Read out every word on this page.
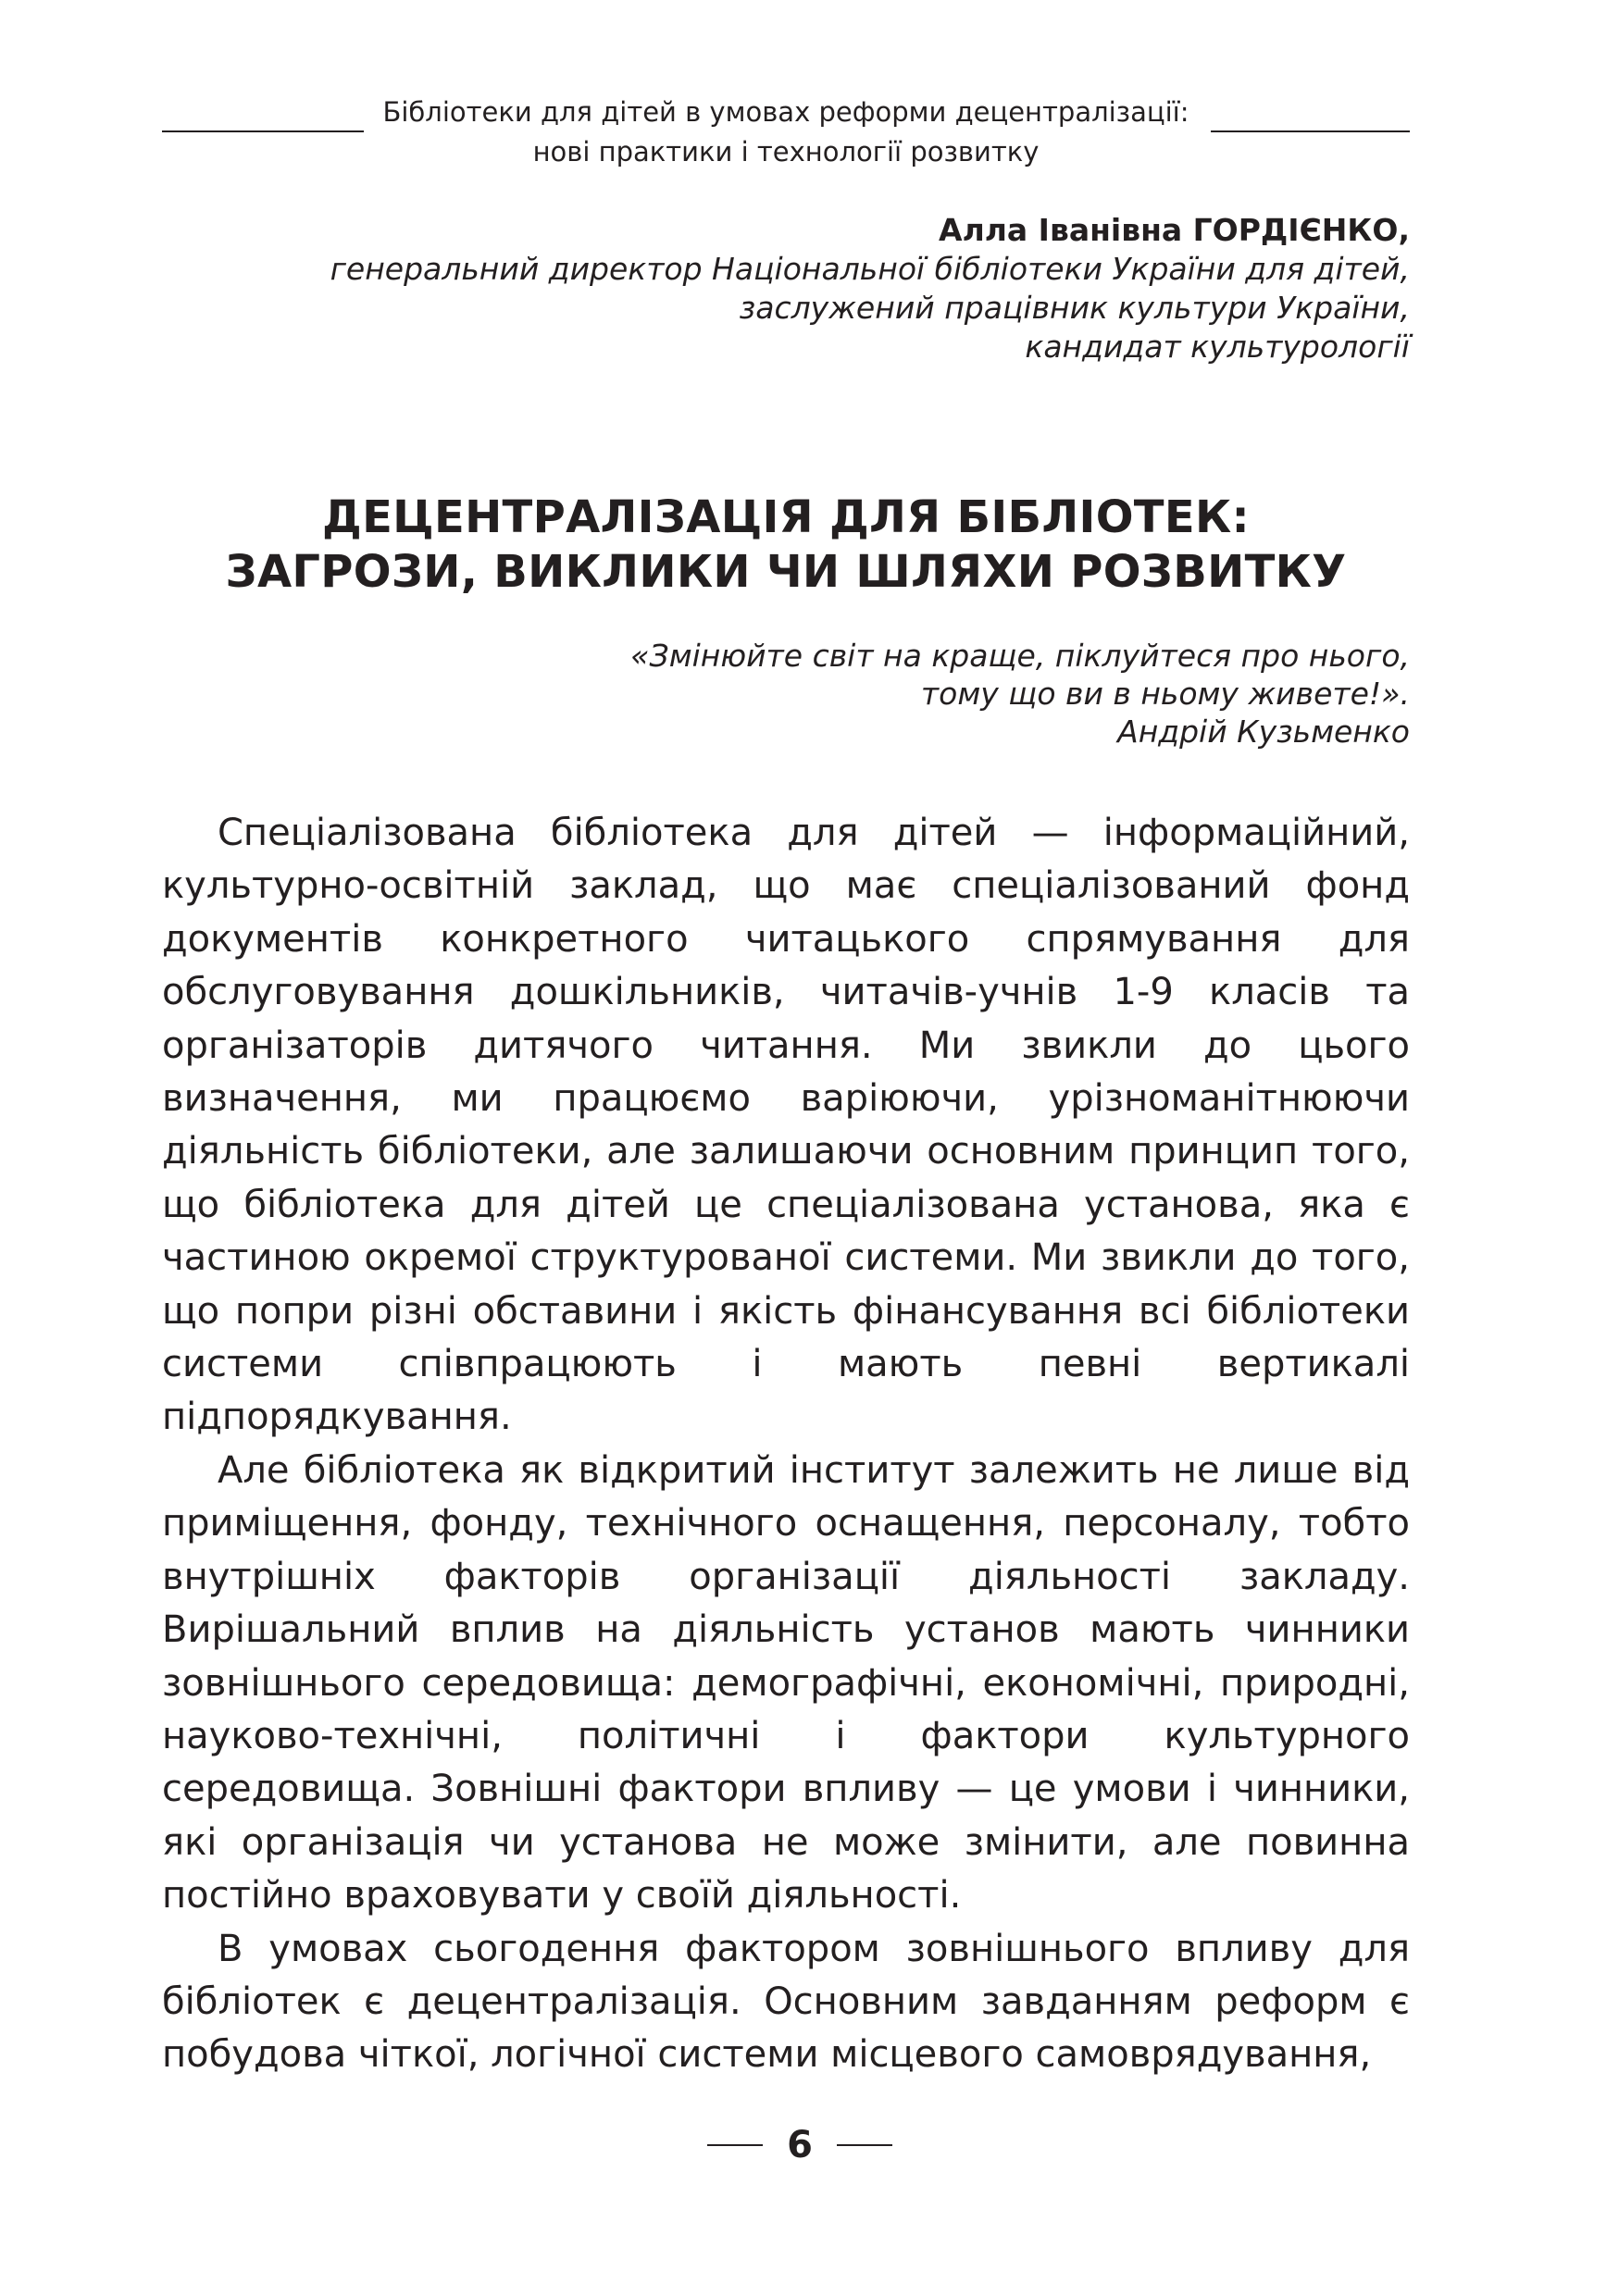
Бібліотеки для дітей в умовах реформи децентралізації:
нові практики і технології розвитку
Алла Іванівна ГОРДІЄНКО,
генеральний директор Національної бібліотеки України для дітей,
заслужений працівник культури України,
кандидат культурології
ДЕЦЕНТРАЛІЗАЦІЯ ДЛЯ БІБЛІОТЕК:
ЗАГРОЗИ, ВИКЛИКИ ЧИ ШЛЯХИ РОЗВИТКУ
«Змінюйте світ на краще, піклуйтеся про нього,
тому що ви в ньому живете!».
Андрій Кузьменко

Спеціалізована бібліотека для дітей — інформаційний, культурно-освітній заклад, що має спеціалізований фонд документів конкретного читацького спрямування для обслуговування дошкільників, читачів-учнів 1-9 класів та організаторів дитячого читання. Ми звикли до цього визначення, ми працюємо варіюючи, урізноманітнюючи діяльність бібліотеки, але залишаючи основним принцип того, що бібліотека для дітей це спеціалізована установа, яка є частиною окремої структурованої системи. Ми звикли до того, що попри різні обставини і якість фінансування всі бібліотеки системи співпрацюють і мають певні вертикалі підпорядкування.

Але бібліотека як відкритий інститут залежить не лише від приміщення, фонду, технічного оснащення, персоналу, тобто внутрішніх факторів організації діяльності закладу. Вирішальний вплив на діяльність установ мають чинники зовнішнього середовища: демографічні, економічні, природні, науково-технічні, політичні і фактори культурного середовища. Зовнішні фактори впливу — це умови і чинники, які організація чи установа не може змінити, але повинна постійно враховувати у своїй діяльності.

В умовах сьогодення фактором зовнішнього впливу для бібліотек є децентралізація. Основним завданням реформ є побудова чіткої, логічної системи місцевого самоврядування,

6
